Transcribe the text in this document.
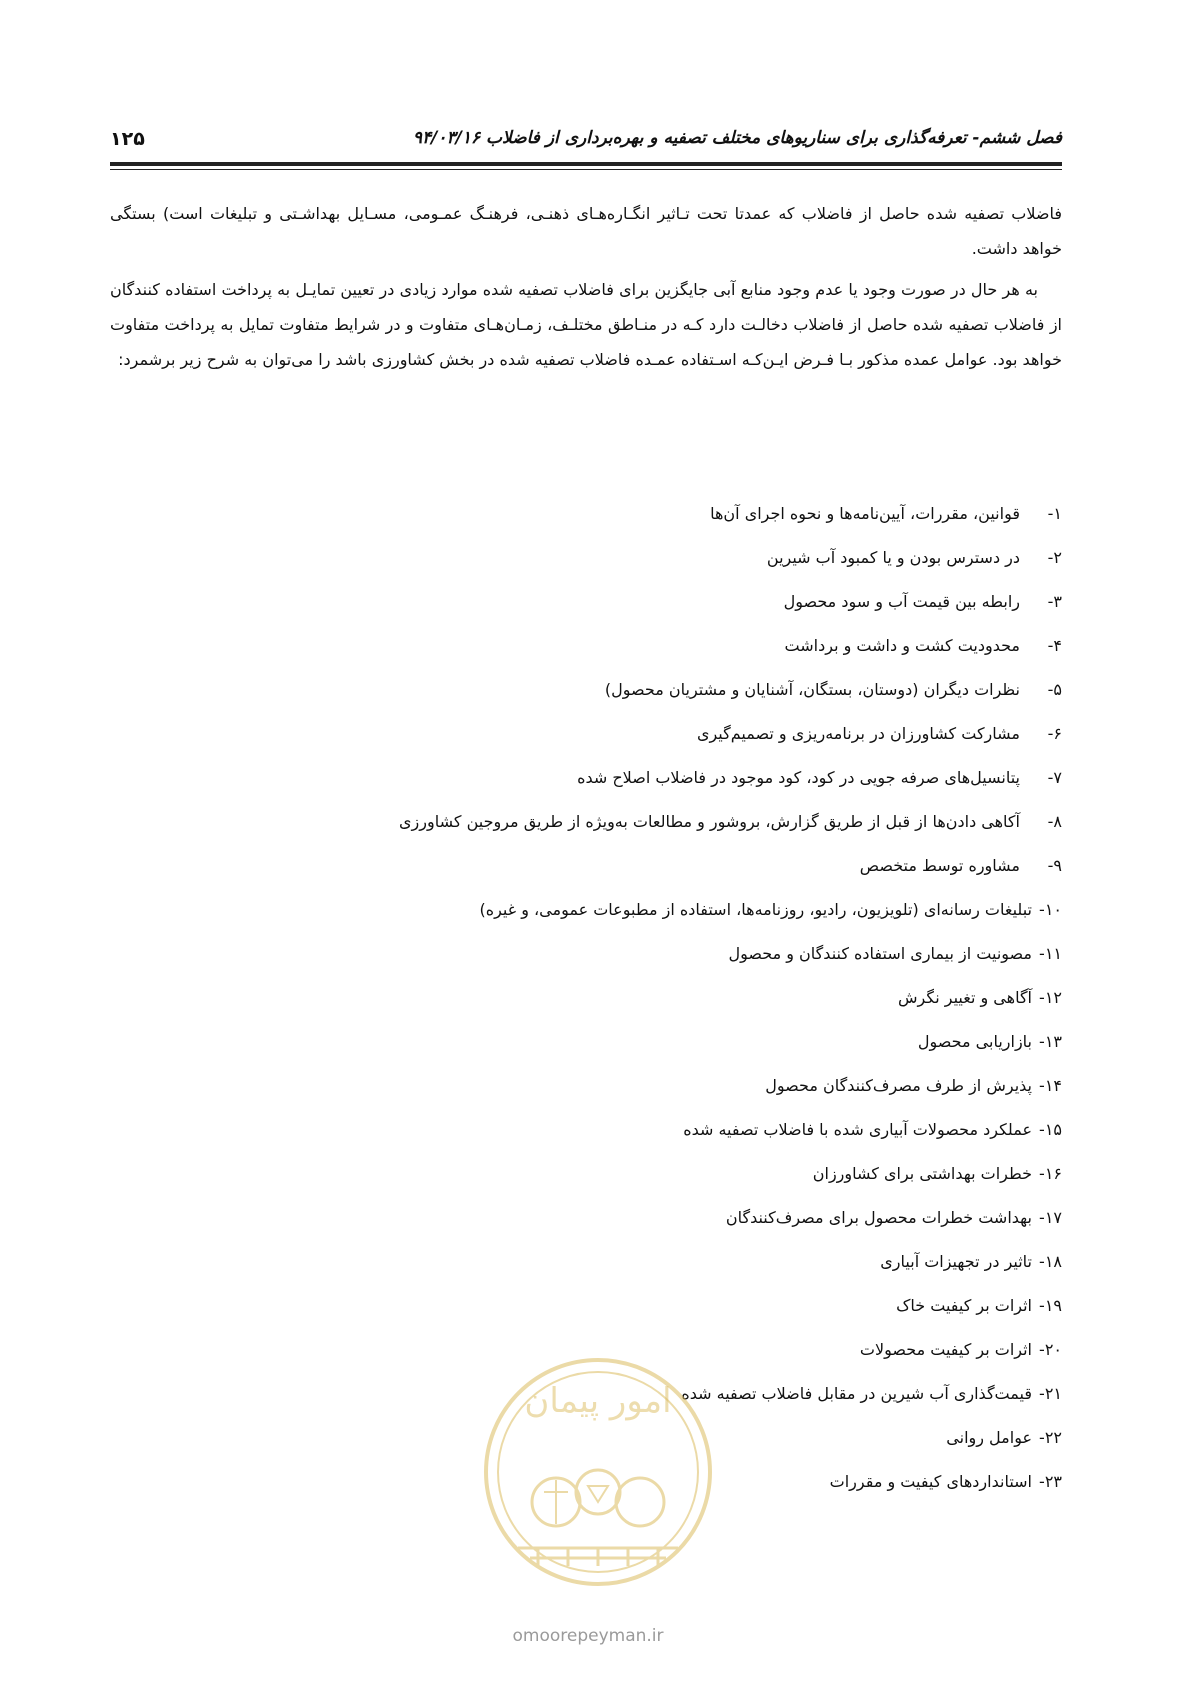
فصل ششم- تعرفه‌گذاری برای سناریوهای مختلف تصفیه و بهره‌برداری از فاضلاب ۹۴/۰۳/۱۶
۱۲۵

فاضلاب تصفیه شده حاصل از فاضلاب که عمدتا تحت تـاثیر انگـاره‌هـای ذهنـی، فرهنـگ عمـومی، مسـایل بهداشـتی و تبلیغات است) بستگی خواهد داشت.

به هر حال در صورت وجود یا عدم وجود منابع آبی جایگزین برای فاضلاب تصفیه شده موارد زیادی در تعیین تمایـل به پرداخت استفاده کنندگان از فاضلاب تصفیه شده حاصل از فاضلاب دخالـت دارد کـه در منـاطق مختلـف، زمـان‌هـای متفاوت و در شرایط متفاوت تمایل به پرداخت متفاوت خواهد بود. عوامل عمده مذکور بـا فـرض ایـن‌کـه اسـتفاده عمـده فاضلاب تصفیه شده در بخش کشاورزی باشد را می‌توان به شرح زیر برشمرد:

۱-
قوانین، مقررات، آیین‌نامه‌ها و نحوه اجرای آن‌ها
۲-
در دسترس بودن و یا کمبود آب شیرین
۳-
رابطه بین قیمت آب و سود محصول
۴-
محدودیت کشت و داشت و برداشت
۵-
نظرات دیگران (دوستان، بستگان، آشنایان و مشتریان محصول)
۶-
مشارکت کشاورزان در برنامه‌ریزی و تصمیم‌گیری
۷-
پتانسیل‌های صرفه جویی در کود، کود موجود در فاضلاب اصلاح شده
۸-
آکاهی دادن‌ها از قبل از طریق گزارش، بروشور و مطالعات به‌ویژه از طریق مروجین کشاورزی
۹-
مشاوره توسط متخصص
۱۰-
تبلیغات رسانه‌ای (تلویزیون، رادیو، روزنامه‌ها، استفاده از مطبوعات عمومی، و غیره)
۱۱-
مصونیت از بیماری استفاده کنندگان و محصول
۱۲-
آگاهی و تغییر نگرش
۱۳-
بازاریابی محصول
۱۴-
پذیرش از طرف مصرف‌کنندگان محصول
۱۵-
عملکرد محصولات آبیاری شده با فاضلاب تصفیه شده
۱۶-
خطرات بهداشتی برای کشاورزان
۱۷-
بهداشت خطرات محصول برای مصرف‌کنندگان
۱۸-
تاثیر در تجهیزات آبیاری
۱۹-
اثرات بر کیفیت خاک
۲۰-
اثرات بر کیفیت محصولات
۲۱-
قیمت‌گذاری آب شیرین در مقابل فاضلاب تصفیه شده
۲۲-
عوامل روانی
۲۳-
استانداردهای کیفیت و مقررات
امور پیمان
omoorepeyman.ir
